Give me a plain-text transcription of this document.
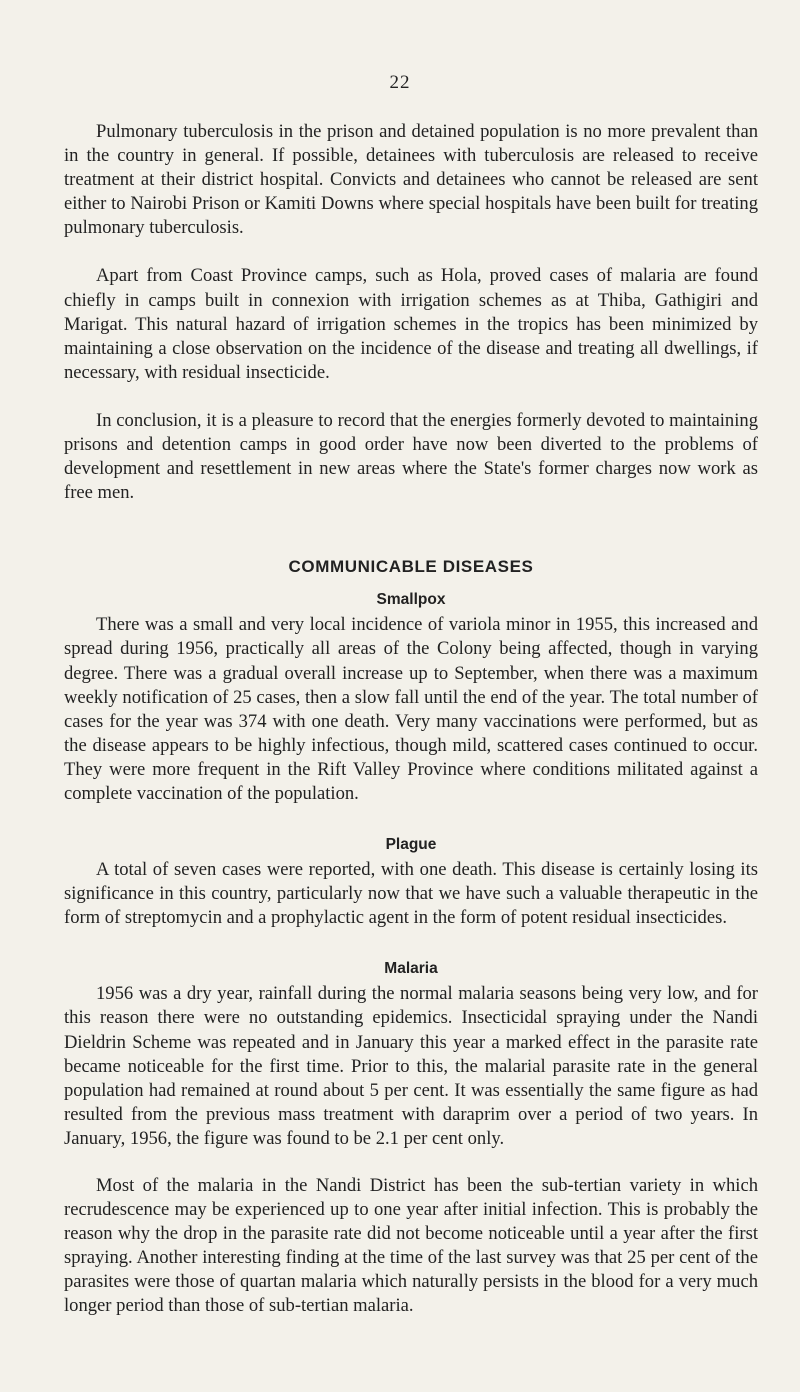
22

Pulmonary tuberculosis in the prison and detained population is no more prevalent than in the country in general. If possible, detainees with tuberculosis are released to receive treatment at their district hospital. Convicts and detainees who cannot be released are sent either to Nairobi Prison or Kamiti Downs where special hospitals have been built for treating pulmonary tuberculosis.

Apart from Coast Province camps, such as Hola, proved cases of malaria are found chiefly in camps built in connexion with irrigation schemes as at Thiba, Gathigiri and Marigat. This natural hazard of irrigation schemes in the tropics has been minimized by maintaining a close observation on the incidence of the disease and treating all dwellings, if necessary, with residual insecticide.

In conclusion, it is a pleasure to record that the energies formerly devoted to maintaining prisons and detention camps in good order have now been diverted to the problems of development and resettlement in new areas where the State's former charges now work as free men.

COMMUNICABLE DISEASES
Smallpox

There was a small and very local incidence of variola minor in 1955, this increased and spread during 1956, practically all areas of the Colony being affected, though in varying degree. There was a gradual overall increase up to September, when there was a maximum weekly notification of 25 cases, then a slow fall until the end of the year. The total number of cases for the year was 374 with one death. Very many vaccinations were performed, but as the disease appears to be highly infectious, though mild, scattered cases continued to occur. They were more frequent in the Rift Valley Province where conditions militated against a complete vaccination of the population.

Plague

A total of seven cases were reported, with one death. This disease is certainly losing its significance in this country, particularly now that we have such a valuable therapeutic in the form of streptomycin and a prophylactic agent in the form of potent residual insecticides.

Malaria

1956 was a dry year, rainfall during the normal malaria seasons being very low, and for this reason there were no outstanding epidemics. Insecticidal spraying under the Nandi Dieldrin Scheme was repeated and in January this year a marked effect in the parasite rate became noticeable for the first time. Prior to this, the malarial parasite rate in the general population had remained at round about 5 per cent. It was essentially the same figure as had resulted from the previous mass treatment with daraprim over a period of two years. In January, 1956, the figure was found to be 2.1 per cent only.

Most of the malaria in the Nandi District has been the sub-tertian variety in which recrudescence may be experienced up to one year after initial infection. This is probably the reason why the drop in the parasite rate did not become noticeable until a year after the first spraying. Another interesting finding at the time of the last survey was that 25 per cent of the parasites were those of quartan malaria which naturally persists in the blood for a very much longer period than those of sub-tertian malaria.
